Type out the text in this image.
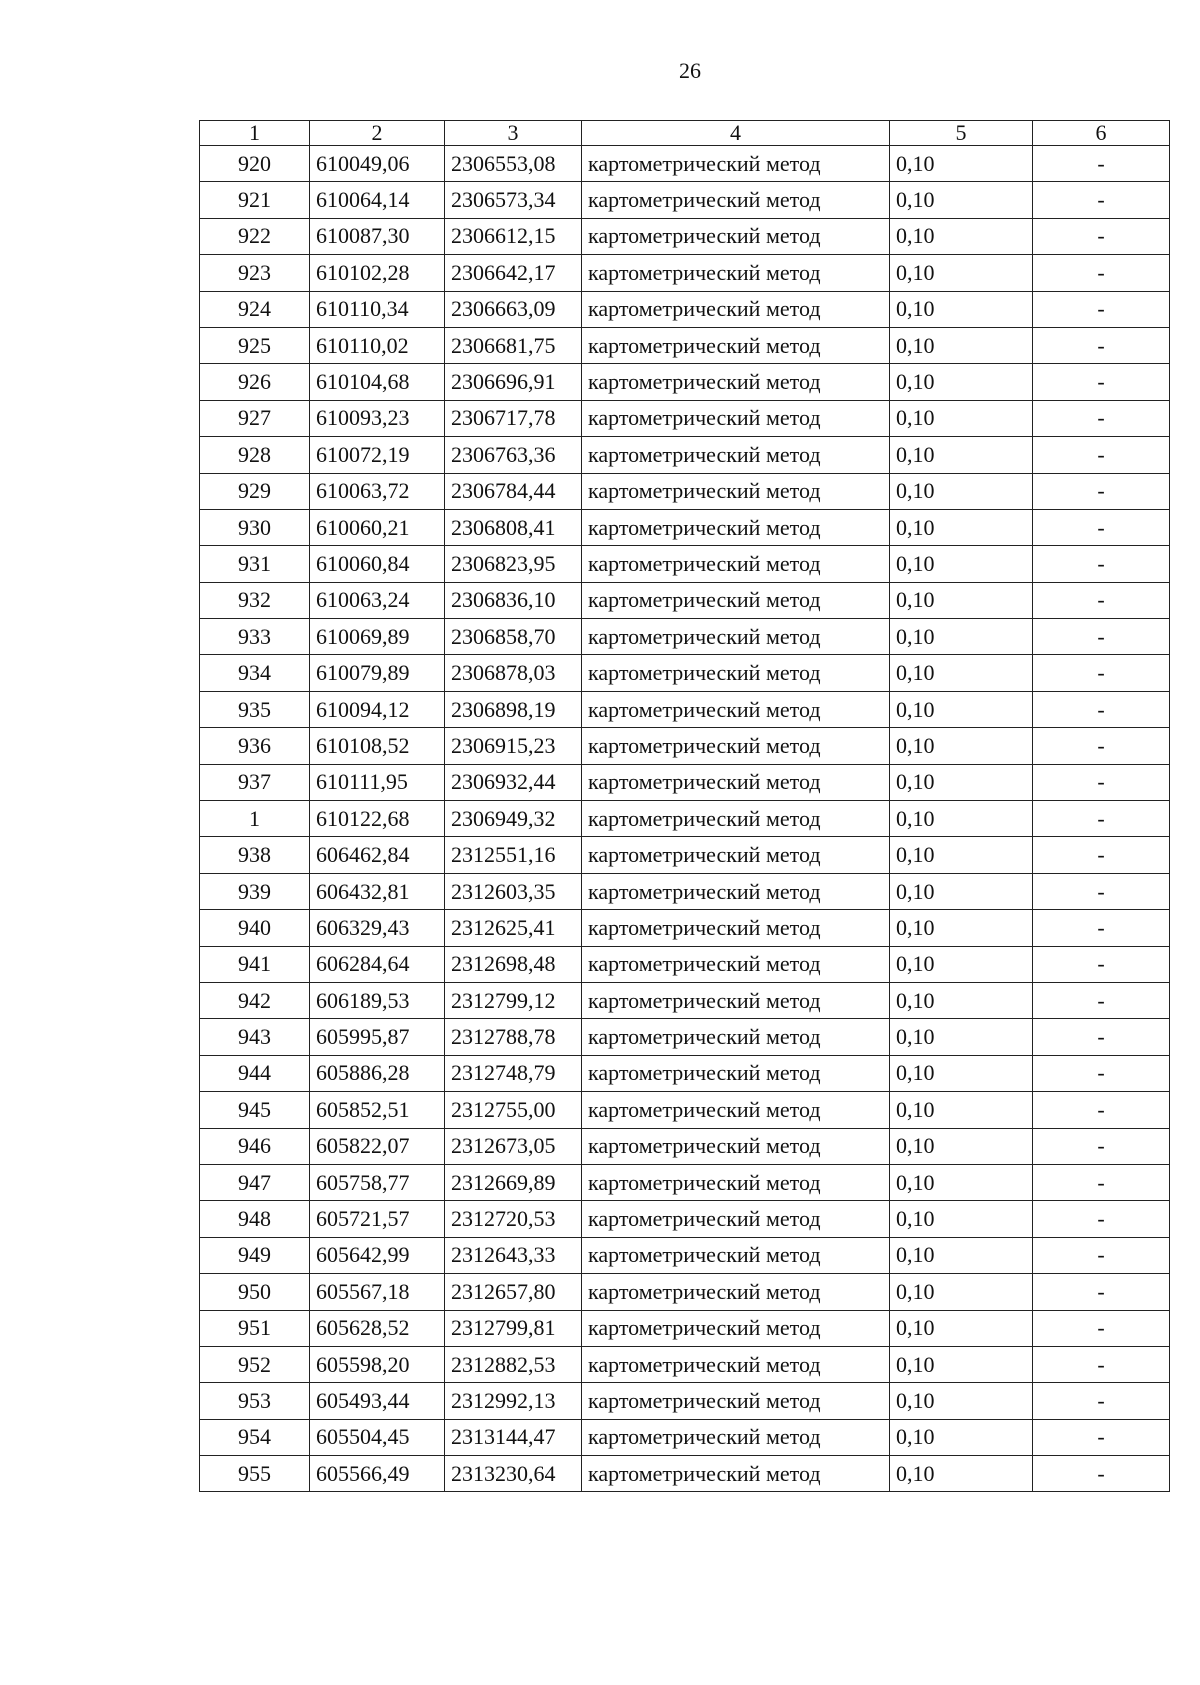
26
1	2	3	4	5	6
920	610049,06	2306553,08	картометрический метод	0,10	-
921	610064,14	2306573,34	картометрический метод	0,10	-
922	610087,30	2306612,15	картометрический метод	0,10	-
923	610102,28	2306642,17	картометрический метод	0,10	-
924	610110,34	2306663,09	картометрический метод	0,10	-
925	610110,02	2306681,75	картометрический метод	0,10	-
926	610104,68	2306696,91	картометрический метод	0,10	-
927	610093,23	2306717,78	картометрический метод	0,10	-
928	610072,19	2306763,36	картометрический метод	0,10	-
929	610063,72	2306784,44	картометрический метод	0,10	-
930	610060,21	2306808,41	картометрический метод	0,10	-
931	610060,84	2306823,95	картометрический метод	0,10	-
932	610063,24	2306836,10	картометрический метод	0,10	-
933	610069,89	2306858,70	картометрический метод	0,10	-
934	610079,89	2306878,03	картометрический метод	0,10	-
935	610094,12	2306898,19	картометрический метод	0,10	-
936	610108,52	2306915,23	картометрический метод	0,10	-
937	610111,95	2306932,44	картометрический метод	0,10	-
1	610122,68	2306949,32	картометрический метод	0,10	-
938	606462,84	2312551,16	картометрический метод	0,10	-
939	606432,81	2312603,35	картометрический метод	0,10	-
940	606329,43	2312625,41	картометрический метод	0,10	-
941	606284,64	2312698,48	картометрический метод	0,10	-
942	606189,53	2312799,12	картометрический метод	0,10	-
943	605995,87	2312788,78	картометрический метод	0,10	-
944	605886,28	2312748,79	картометрический метод	0,10	-
945	605852,51	2312755,00	картометрический метод	0,10	-
946	605822,07	2312673,05	картометрический метод	0,10	-
947	605758,77	2312669,89	картометрический метод	0,10	-
948	605721,57	2312720,53	картометрический метод	0,10	-
949	605642,99	2312643,33	картометрический метод	0,10	-
950	605567,18	2312657,80	картометрический метод	0,10	-
951	605628,52	2312799,81	картометрический метод	0,10	-
952	605598,20	2312882,53	картометрический метод	0,10	-
953	605493,44	2312992,13	картометрический метод	0,10	-
954	605504,45	2313144,47	картометрический метод	0,10	-
955	605566,49	2313230,64	картометрический метод	0,10	-
